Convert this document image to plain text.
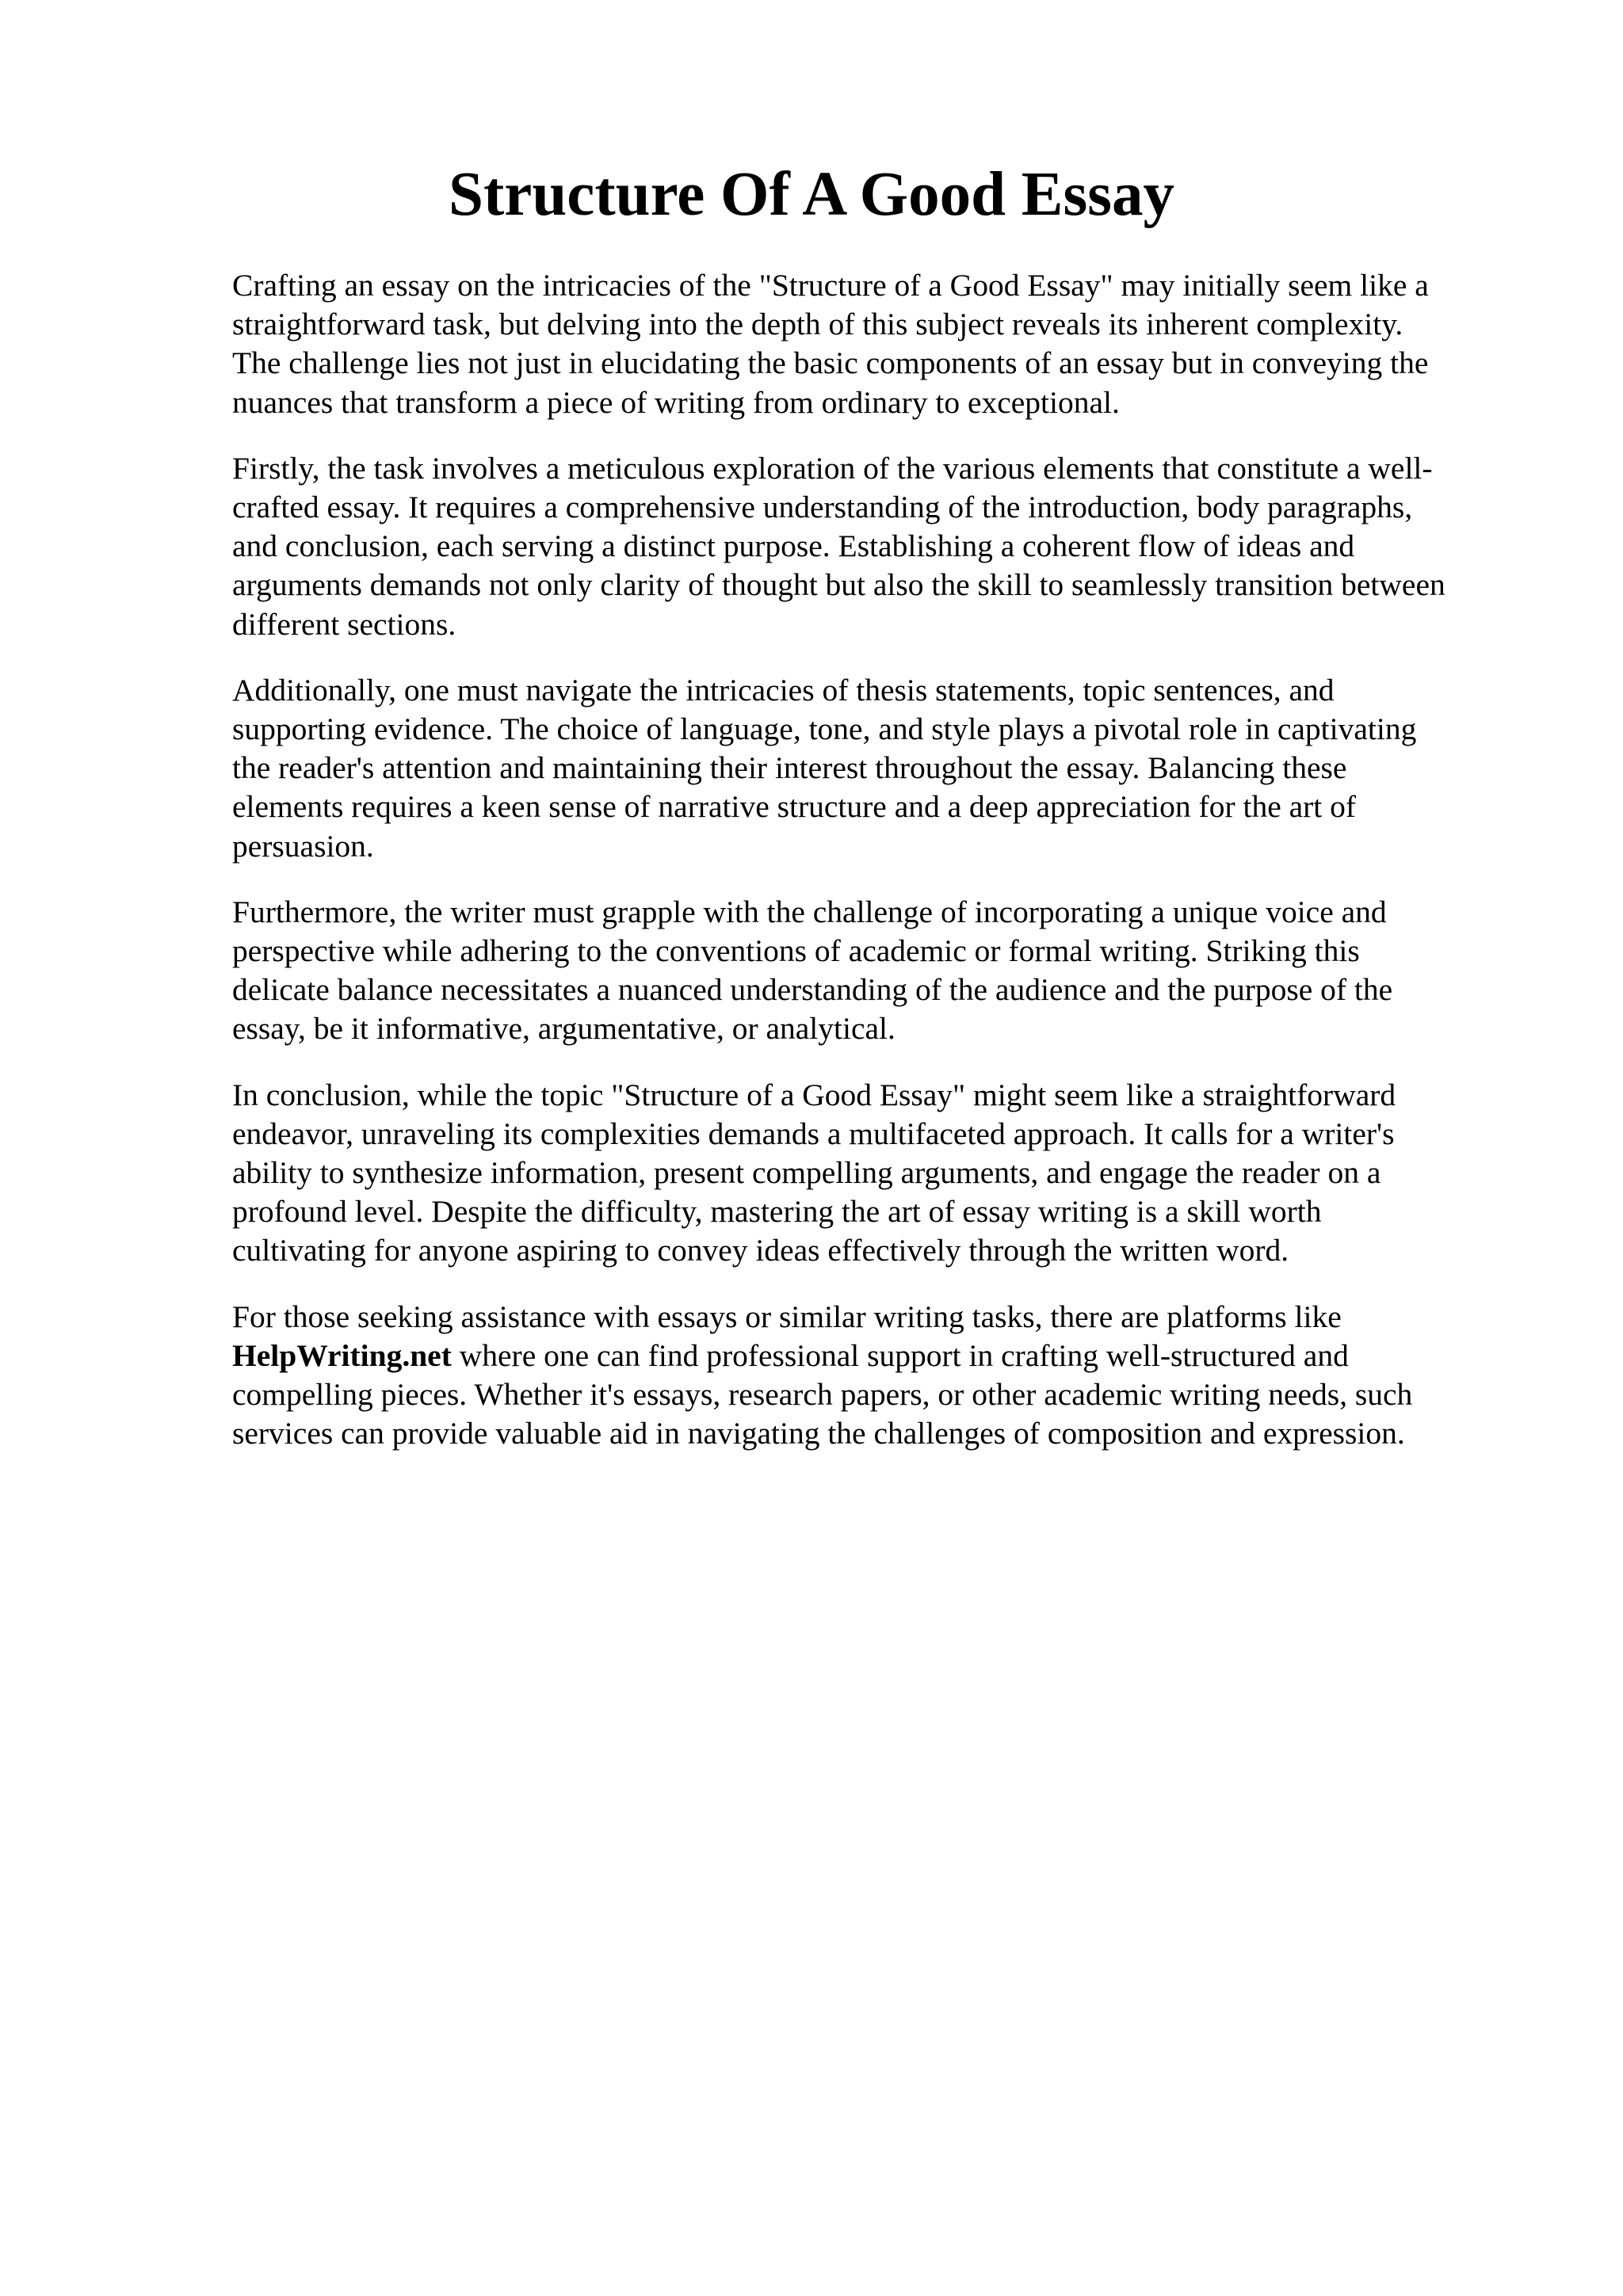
Structure Of A Good Essay

Crafting an essay on the intricacies of the "Structure of a Good Essay" may initially seem like a
straightforward task, but delving into the depth of this subject reveals its inherent complexity.
The challenge lies not just in elucidating the basic components of an essay but in conveying the
nuances that transform a piece of writing from ordinary to exceptional.

Firstly, the task involves a meticulous exploration of the various elements that constitute a well-
crafted essay. It requires a comprehensive understanding of the introduction, body paragraphs,
and conclusion, each serving a distinct purpose. Establishing a coherent flow of ideas and
arguments demands not only clarity of thought but also the skill to seamlessly transition between
different sections.

Additionally, one must navigate the intricacies of thesis statements, topic sentences, and
supporting evidence. The choice of language, tone, and style plays a pivotal role in captivating
the reader's attention and maintaining their interest throughout the essay. Balancing these
elements requires a keen sense of narrative structure and a deep appreciation for the art of
persuasion.

Furthermore, the writer must grapple with the challenge of incorporating a unique voice and
perspective while adhering to the conventions of academic or formal writing. Striking this
delicate balance necessitates a nuanced understanding of the audience and the purpose of the
essay, be it informative, argumentative, or analytical.

In conclusion, while the topic "Structure of a Good Essay" might seem like a straightforward
endeavor, unraveling its complexities demands a multifaceted approach. It calls for a writer's
ability to synthesize information, present compelling arguments, and engage the reader on a
profound level. Despite the difficulty, mastering the art of essay writing is a skill worth
cultivating for anyone aspiring to convey ideas effectively through the written word.

For those seeking assistance with essays or similar writing tasks, there are platforms like
HelpWriting.net where one can find professional support in crafting well-structured and
compelling pieces. Whether it's essays, research papers, or other academic writing needs, such
services can provide valuable aid in navigating the challenges of composition and expression.
